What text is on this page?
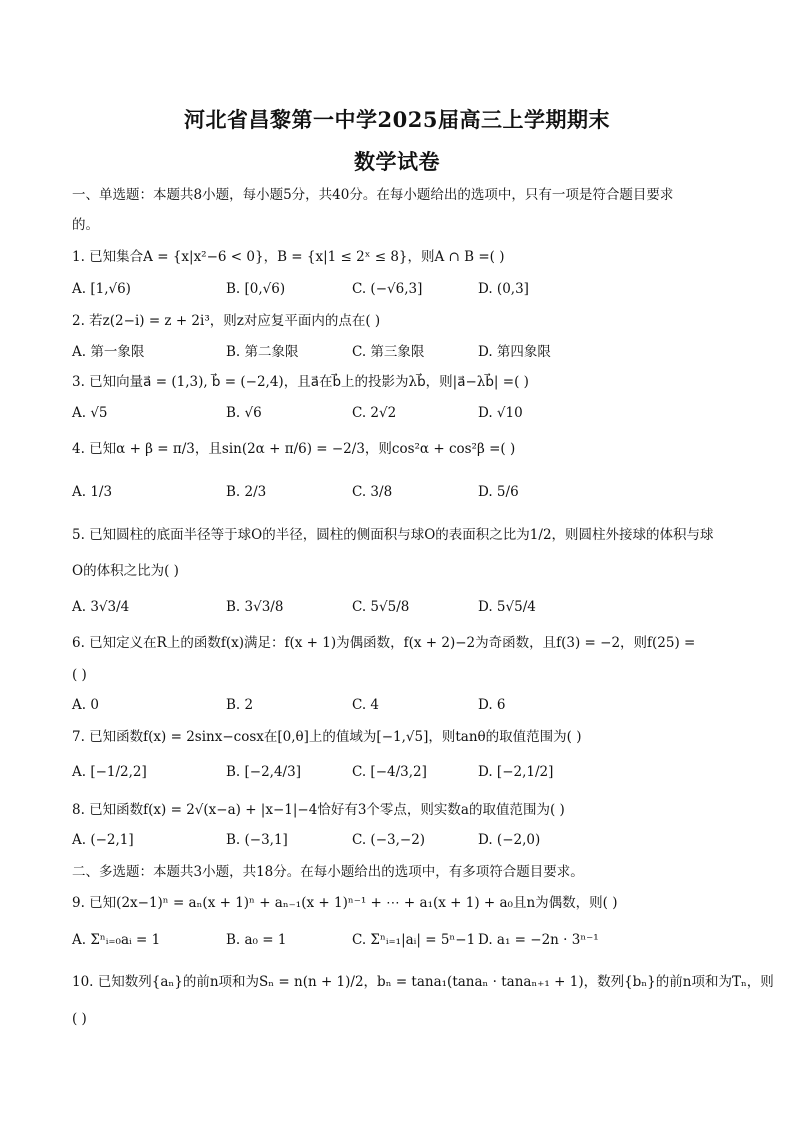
河北省昌黎第一中学2025届高三上学期期末
数学试卷
一、单选题：本题共8小题，每小题5分，共40分。在每小题给出的选项中，只有一项是符合题目要求
的。
1. 已知集合A = {x|x²−6 < 0}，B = {x|1 ≤ 2ˣ ≤ 8}，则A ∩ B =( )
A. [1,√6)	B. [0,√6)	C. (−√6,3]	D. (0,3]
2. 若z(2−i) = z + 2i³，则z对应复平面内的点在( )
A. 第一象限	B. 第二象限	C. 第三象限	D. 第四象限
3. 已知向量a⃗ = (1,3), b⃗ = (−2,4)，且a⃗在b⃗上的投影为λb⃗，则|a⃗−λb⃗| =( )
A. √5	B. √6	C. 2√2	D. √10
4. 已知α + β = π/3，且sin(2α + π/6) = −2/3，则cos²α + cos²β =( )
A. 1/3	B. 2/3	C. 3/8	D. 5/6
5. 已知圆柱的底面半径等于球O的半径，圆柱的侧面积与球O的表面积之比为1/2，则圆柱外接球的体积与球
O的体积之比为( )
A. 3√3/4	B. 3√3/8	C. 5√5/8	D. 5√5/4
6. 已知定义在R上的函数f(x)满足：f(x + 1)为偶函数，f(x + 2)−2为奇函数，且f(3) = −2，则f(25) =
( )
A. 0	B. 2	C. 4	D. 6
7. 已知函数f(x) = 2sinx−cosx在[0,θ]上的值域为[−1,√5]，则tanθ的取值范围为( )
A. [−1/2,2]	B. [−2,4/3]	C. [−4/3,2]	D. [−2,1/2]
8. 已知函数f(x) = 2√(x−a) + |x−1|−4恰好有3个零点，则实数a的取值范围为( )
A. (−2,1]	B. (−3,1]	C. (−3,−2)	D. (−2,0)
二、多选题：本题共3小题，共18分。在每小题给出的选项中，有多项符合题目要求。
9. 已知(2x−1)ⁿ = aₙ(x + 1)ⁿ + aₙ₋₁(x + 1)ⁿ⁻¹ + ⋯ + a₁(x + 1) + a₀且n为偶数，则( )
A. Σⁿᵢ₌₀aᵢ = 1	B. a₀ = 1	C. Σⁿᵢ₌₁|aᵢ| = 5ⁿ−1 D. a₁ = −2n · 3ⁿ⁻¹
10. 已知数列{aₙ}的前n项和为Sₙ = n(n + 1)/2，bₙ = tana₁(tanaₙ · tanaₙ₊₁ + 1)，数列{bₙ}的前n项和为Tₙ，则
( )
